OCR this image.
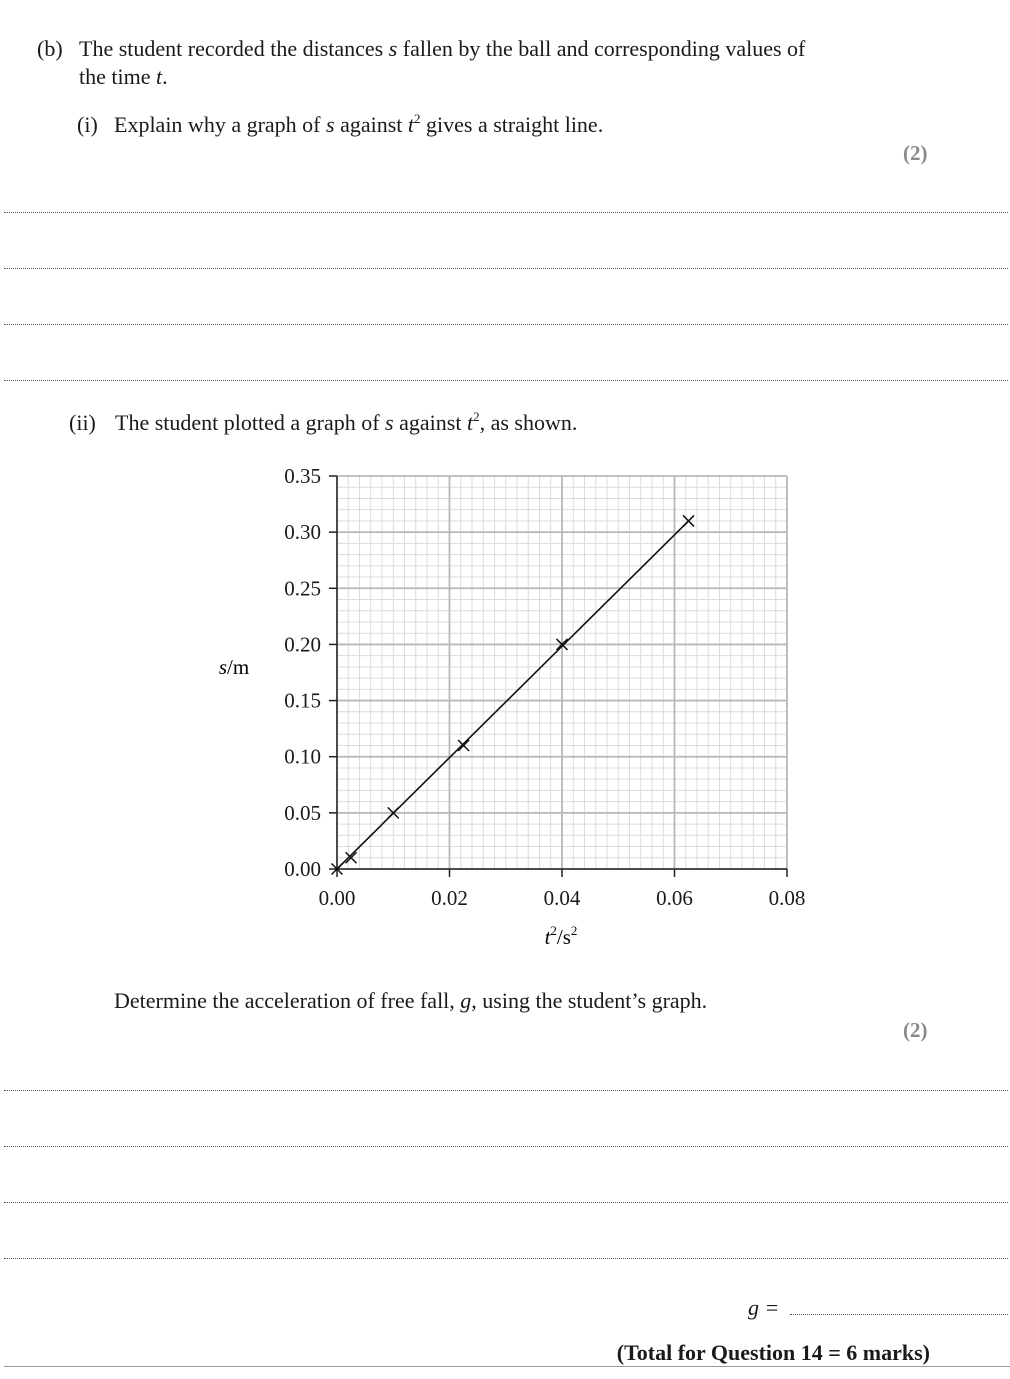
(b) The student recorded the distances s fallen by the ball and corresponding values of
the time t.
(i) Explain why a graph of s against $t^2$ gives a straight line.
(2)
(ii) The student plotted a graph of s against $t^2$, as shown.
0.00
0.05
0.10
0.15
0.20
0.25
0.30
0.35
0.00	0.02	0.04	0.06	0.08
s/m
$t^2/s^2$
Determine the acceleration of free fall, g, using the student’s graph.
(2)
g =
(Total for Question 14 = 6 marks)
